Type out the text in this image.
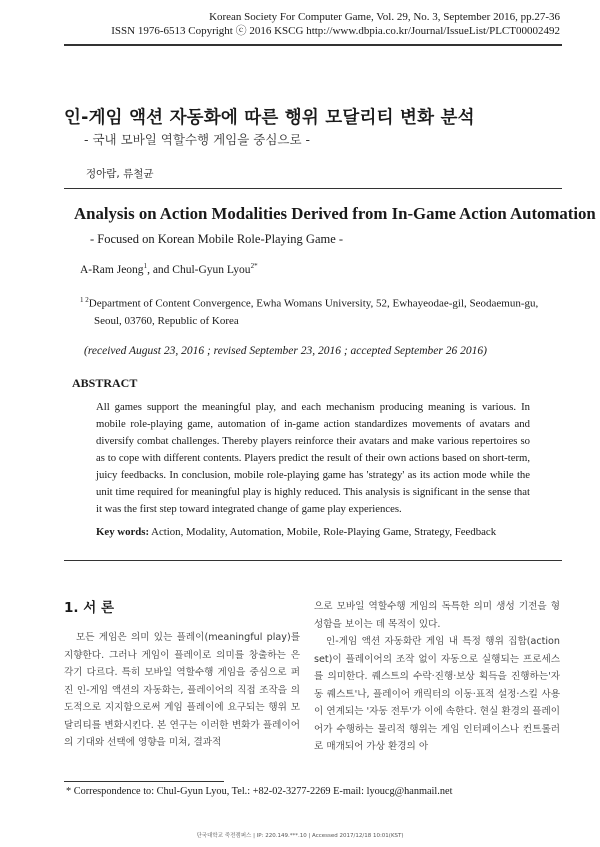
Korean Society For Computer Game, Vol. 29, No. 3, September 2016, pp.27-36
ISSN 1976-6513 Copyright ⓒ 2016 KSCG http://www.dbpia.co.kr/Journal/IssueList/PLCT00002492
인-게임 액션 자동화에 따른 행위 모달리티 변화 분석
- 국내 모바일 역할수행 게임을 중심으로 -
정아람, 류철균
Analysis on Action Modalities Derived from In-Game Action Automation
- Focused on Korean Mobile Role-Playing Game -
A-Ram Jeong$^1$, and Chul-Gyun Lyou$^{2*}$
$^{1 2}$Department of Content Convergence, Ewha Womans University, 52, Ewhayeodae-gil, Seodaemun-gu,
Seoul, 03760, Republic of Korea
(received August 23, 2016 ; revised September 23, 2016 ; accepted September 26 2016)
ABSTRACT
All games support the meaningful play, and each mechanism producing meaning is various. In mobile role-playing game, automation of in-game action standardizes movements of avatars and diversify combat challenges. Thereby players reinforce their avatars and make various repertoires so as to cope with different contents. Players predict the result of their own actions based on short-term, juicy feedbacks. In conclusion, mobile role-playing game has 'strategy' as its action mode while the unit time required for meaningful play is highly reduced. This analysis is significant in the sense that it was the first step toward integrated change of game play experiences.
Key words: Action, Modality, Automation, Mobile, Role-Playing Game, Strategy, Feedback
1. 서 론

모든 게임은 의미 있는 플레이(meaningful play)를 지향한다. 그러나 게임이 플레이로 의미를 창출하는 은 각기 다르다. 특히 모바일 역할수행 게임을 중심으로 퍼진 인-게임 액션의 자동화는, 플레이어의 직접 조작을 의도적으로 지지함으로써 게임 플레이에 요구되는 행위 모달리티를 변화시킨다. 본 연구는 이러한 변화가 플레이어의 기대와 선택에 영향을 미쳐, 결과적

으로 모바일 역할수행 게임의 독특한 의미 생성 기전을 형성함을 보이는 데 목적이 있다.

인-게임 액션 자동화란 게임 내 특정 행위 집합(action set)이 플레이어의 조작 없이 자동으로 실행되는 프로세스를 의미한다. 퀘스트의 수락·진행·보상 획득을 진행하는'자동 퀘스트'나, 플레이어 캐릭터의 이동·표적 설정·스킬 사용이 연계되는 '자동 전투'가 이에 속한다. 현실 환경의 플레이어가 수행하는 물리적 행위는 게임 인터페이스나 컨트롤러로 매개되어 가상 환경의 아

* Correspondence to: Chul-Gyun Lyou, Tel.: +82-02-3277-2269 E-mail: lyoucg@hanmail.net
단국대학교 죽전캠퍼스 | IP: 220.149.***.10 | Accessed 2017/12/18 10:01(KST)
